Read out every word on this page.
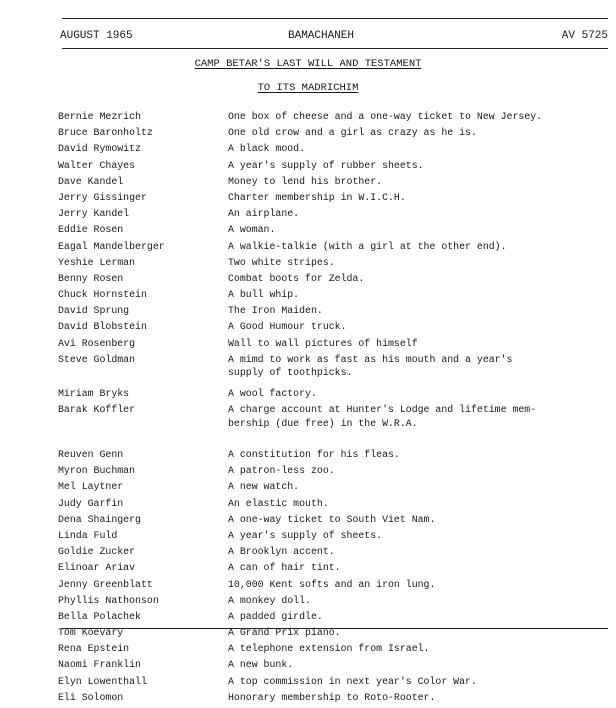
AUGUST 1965	BAMACHANEH	AV 5725
CAMP BETAR'S LAST WILL AND TESTAMENT
TO ITS MADRICHIM
Bernie Mezrich	One box of cheese and a one-way ticket to New Jersey.
Bruce Baronholtz	One old crow and a girl as crazy as he is.
David Rymowitz	A black mood.
Walter Chayes	A year's supply of rubber sheets.
Dave Kandel	Money to lend his brother.
Jerry Gissinger	Charter membership in W.I.C.H.
Jerry Kandel	An airplane.
Eddie Rosen	A woman.
Eagal Mandelberger	A walkie-talkie (with a girl at the other end).
Yeshie Lerman	Two white stripes.
Benny Rosen	Combat boots for Zelda.
Chuck Hornstein	A bull whip.
David Sprung	The Iron Maiden.
David Blobstein	A Good Humour truck.
Avi Rosenberg	Wall to wall pictures of himself
Steve Goldman	A mimd to work as fast as his mouth and a year's
supply of toothpicks.
Miriam Bryks	A wool factory.
Barak Koffler	A charge account at Hunter's Lodge and lifetime mem-
bership (due free) in the W.R.A.
Reuven Genn	A constitution for his fleas.
Myron Buchman	A patron-less zoo.
Mel Laytner	A new watch.
Judy Garfin	An elastic mouth.
Dena Shaingerg	A one-way ticket to South Viet Nam.
Linda Fuld	A year's supply of sheets.
Goldie Zucker	A Brooklyn accent.
Elinoar Ariav	A can of hair tint.
Jenny Greenblatt	10,000 Kent softs and an iron lung.
Phyllis Nathonson	A monkey doll.
Bella Polachek	A padded girdle.
Tom Koevary	A Grand Prix piano.
Rena Epstein	A telephone extension from Israel.
Naomi Franklin	A new bunk.
Elyn Lowenthall	A top commission in next year's Color War.
Eli Solomon	Honorary membership to Roto-Rooter.
